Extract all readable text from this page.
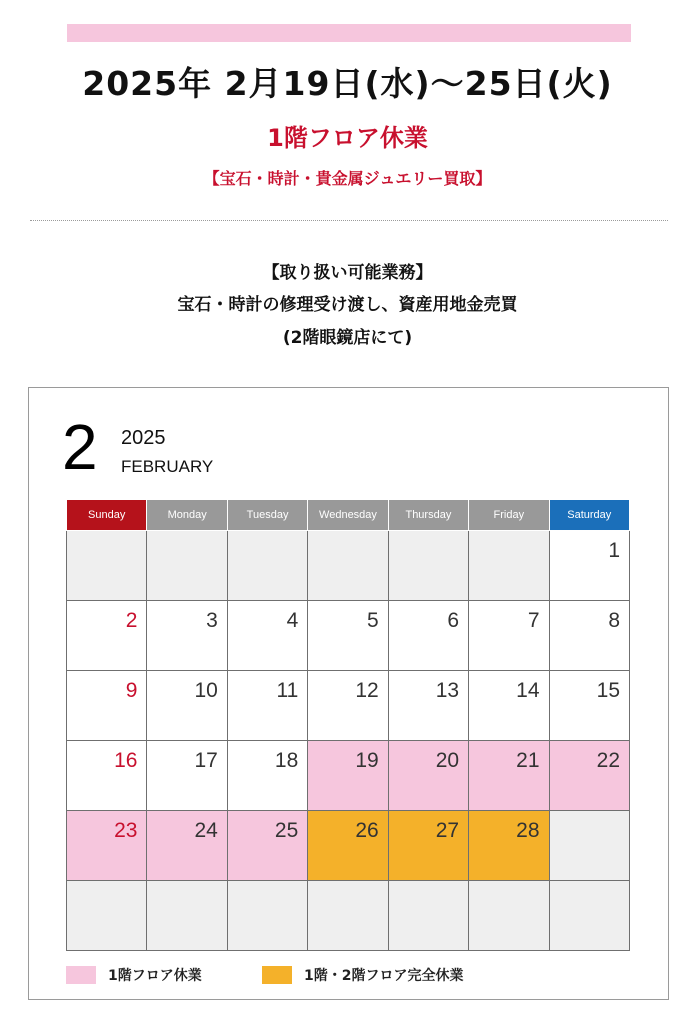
2025年 2月19日(水)〜25日(火)
1階フロア休業
【宝石・時計・貴金属ジュエリー買取】
【取り扱い可能業務】
宝石・時計の修理受け渡し、資産用地金売買
(2階眼鏡店にて)
2 2025
FEBRUARY
Sunday	Monday	Tuesday	Wednesday	Thursday	Friday	Saturday
						1
2	3	4	5	6	7	8
9	10	11	12	13	14	15
16	17	18	19	20	21	22
23	24	25	26	27	28	

1階フロア休業	1階・2階フロア完全休業
